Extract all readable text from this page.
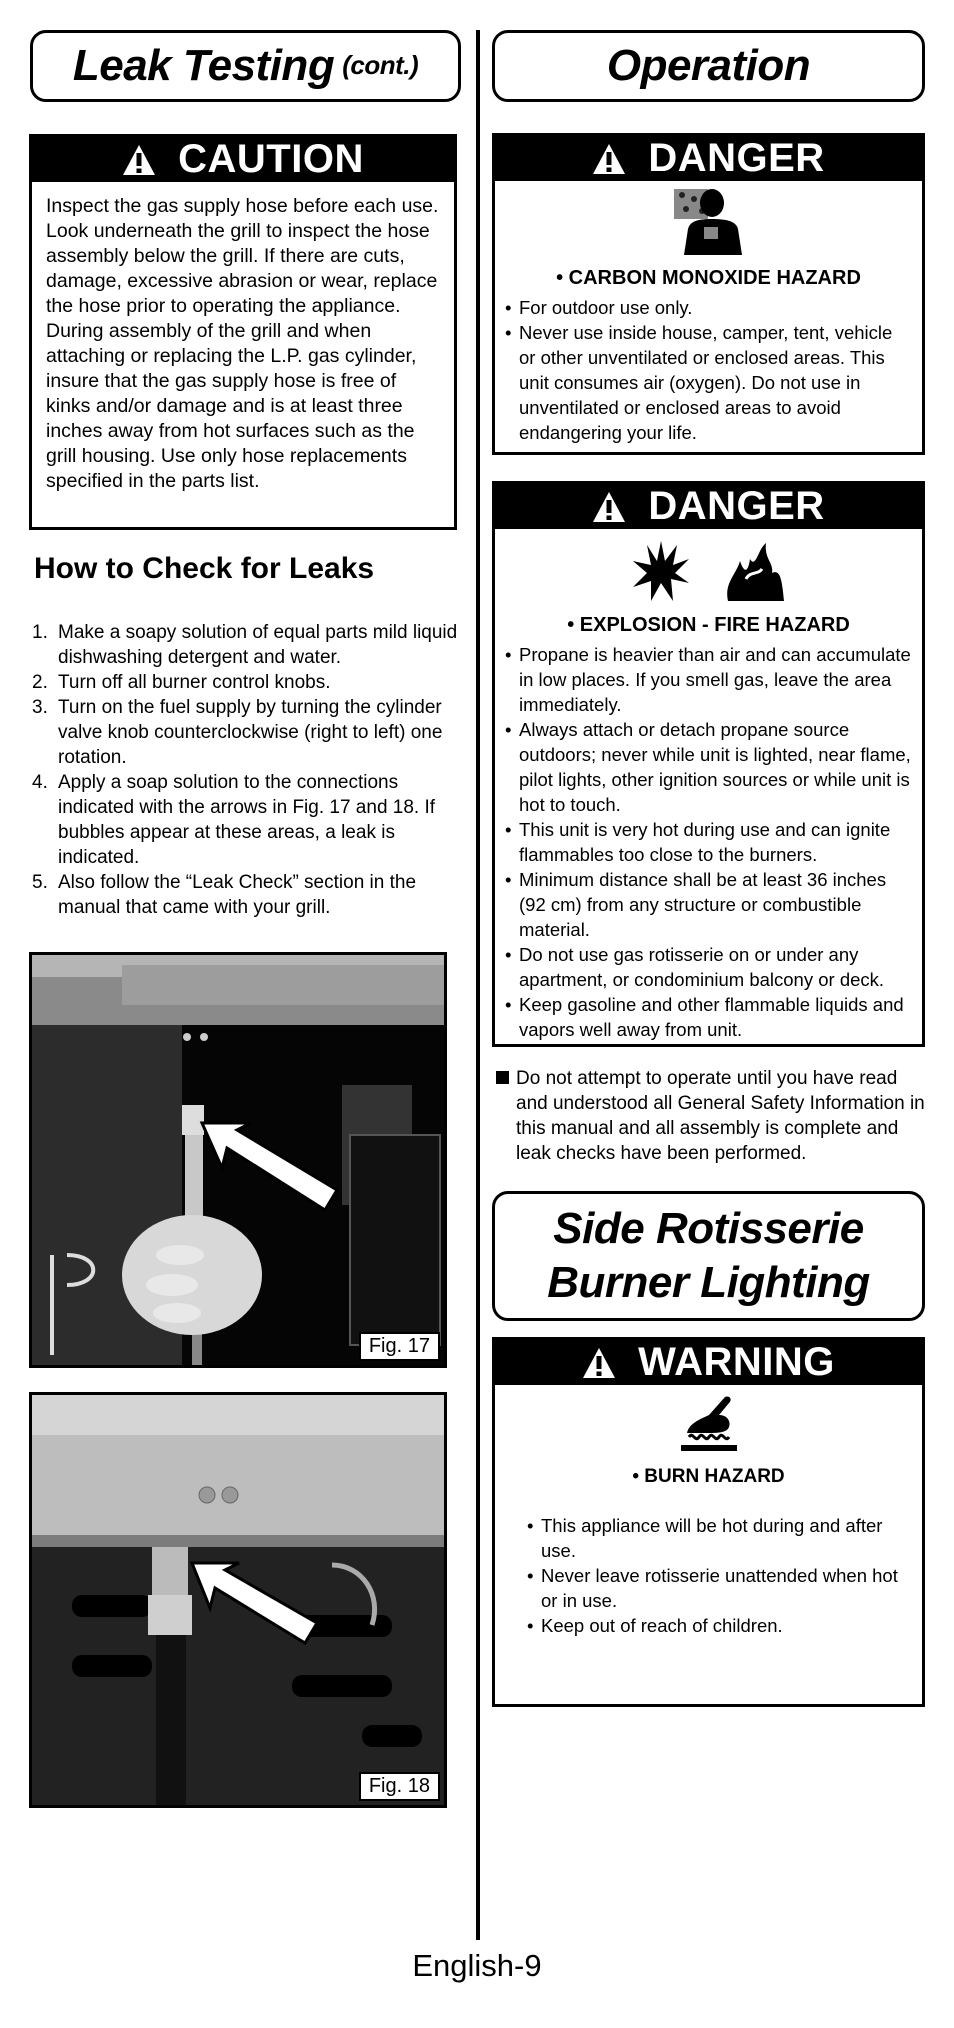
Leak Testing (cont.)
CAUTION
Inspect the gas supply hose before each use. Look underneath the grill to inspect the hose assembly below the grill. If there are cuts, damage, excessive abrasion or wear, replace the hose prior to operating the appliance. During assembly of the grill and when attaching or replacing the L.P. gas cylinder, insure that the gas supply hose is free of kinks and/or damage and is at least three inches away from hot surfaces such as the grill housing. Use only hose replacements specified in the parts list.
How to Check for Leaks
1. Make a soapy solution of equal parts mild liquid dishwashing detergent and water.
2. Turn off all burner control knobs.
3. Turn on the fuel supply by turning the cylinder valve knob counterclockwise (right to left) one rotation.
4. Apply a soap solution to the connections indicated with the arrows in Fig. 17 and 18. If bubbles appear at these areas, a leak is indicated.
5. Also follow the “Leak Check” section in the manual that came with your grill.
Fig. 17
Fig. 18
Operation
DANGER
• CARBON MONOXIDE HAZARD
• For outdoor use only.
• Never use inside house, camper, tent, vehicle or other unventilated or enclosed areas. This unit consumes air (oxygen). Do not use in unventilated or enclosed areas to avoid endangering your life.
DANGER

• EXPLOSION - FIRE HAZARD
• Propane is heavier than air and can accumulate in low places. If you smell gas, leave the area immediately.
• Always attach or detach propane source outdoors; never while unit is lighted, near flame, pilot lights, other ignition sources or while unit is hot to touch.
• This unit is very hot during use and can ignite flammables too close to the burners.
• Minimum distance shall be at least 36 inches (92 cm) from any structure or combustible material.
• Do not use gas rotisserie on or under any apartment, or condominium balcony or deck.
• Keep gasoline and other flammable liquids and vapors well away from unit.
Do not attempt to operate until you have read and understood all General Safety Information in this manual and all assembly is complete and leak checks have been performed.
Side Rotisserie
Burner Lighting
WARNING
• BURN HAZARD
• This appliance will be hot during and after use.
• Never leave rotisserie unattended when hot or in use.
• Keep out of reach of children.
English-9
